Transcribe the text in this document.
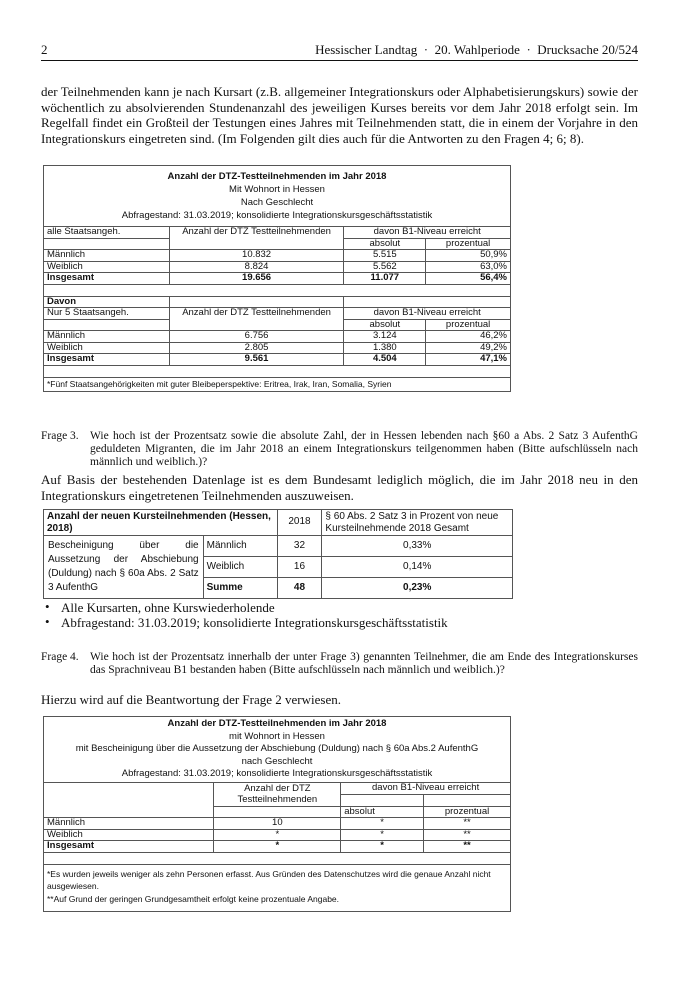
2	Hessischer Landtag · 20. Wahlperiode · Drucksache 20/524

der Teilnehmenden kann je nach Kursart (z.B. allgemeiner Integrationskurs oder Alphabetisierungskurs) sowie der wöchentlich zu absolvierenden Stundenanzahl des jeweiligen Kurses bereits vor dem Jahr 2018 erfolgt sein. Im Regelfall findet ein Großteil der Testungen eines Jahres mit Teilnehmenden statt, die in einem der Vorjahre in den Integrationskurs eingetreten sind. (Im Folgenden gilt dies auch für die Antworten zu den Fragen 4; 6; 8).

Anzahl der DTZ-Testteilnehmenden im Jahr 2018
Mit Wohnort in Hessen
Nach Geschlecht
Abfragestand: 31.03.2019; konsolidierte Integrationskursgeschäftsstatistik			

alle Staatsangeh.	Anzahl der DTZ Testteilnehmenden	davon B1-Niveau erreicht	
		absolut	prozentual
Männlich	10.832	5.515	50,9%
Weiblich	8.824	5.562	63,0%
Insgesamt	19.656	11.077	56,4%

Davon			
Nur 5 Staatsangeh.	Anzahl der DTZ Testteilnehmenden	davon B1-Niveau erreicht	
		absolut	prozentual
Männlich	6.756	3.124	46,2%
Weiblich	2.805	1.380	49,2%
Insgesamt	9.561	4.504	47,1%

*Fünf Staatsangehörigkeiten mit guter Bleibeperspektive: Eritrea, Irak, Iran, Somalia, Syrien			
Frage 3. Wie hoch ist der Prozentsatz sowie die absolute Zahl, der in Hessen lebenden nach §60 a Abs. 2 Satz 3 AufenthG geduldeten Migranten, die im Jahr 2018 an einem Integrationskurs teilgenommen haben (Bitte aufschlüsseln nach männlich und weiblich.)?

Auf Basis der bestehenden Datenlage ist es dem Bundesamt lediglich möglich, die im Jahr 2018 neu in den Integrationskurs eingetretenen Teilnehmenden auszuweisen.

Anzahl der neuen Kursteilnehmenden (Hessen, 2018)		2018	§ 60 Abs. 2 Satz 3 in Prozent von neue Kursteilnehmende 2018 Gesamt
Bescheinigung über die Aussetzung der Abschiebung (Duldung) nach § 60a Abs. 2 Satz 3 AufenthG	Männlich	32	0,33%
	Weiblich	16	0,14%
	Summe	48	0,23%
• Alle Kursarten, ohne Kurswiederholende
• Abfragestand: 31.03.2019; konsolidierte Integrationskursgeschäftsstatistik
Frage 4. Wie hoch ist der Prozentsatz innerhalb der unter Frage 3) genannten Teilnehmer, die am Ende des Integrationskurses das Sprachniveau B1 bestanden haben (Bitte aufschlüsseln nach männlich und weiblich.)?

Hierzu wird auf die Beantwortung der Frage 2 verwiesen.

Anzahl der DTZ-Testteilnehmenden im Jahr 2018
mit Wohnort in Hessen
mit Bescheinigung über die Aussetzung der Abschiebung (Duldung) nach § 60a Abs.2 AufenthG
nach Geschlecht
Abfragestand: 31.03.2019; konsolidierte Integrationskursgeschäftsstatistik			

	Anzahl der DTZ Testteilnehmenden	davon B1-Niveau erreicht	

		absolut	prozentual
Männlich	10	*	**
Weiblich	*	*	**
Insgesamt	*	*	**

*Es wurden jeweils weniger als zehn Personen erfasst. Aus Gründen des Datenschutzes wird die genaue Anzahl nicht ausgewiesen.
**Auf Grund der geringen Grundgesamtheit erfolgt keine prozentuale Angabe.			
